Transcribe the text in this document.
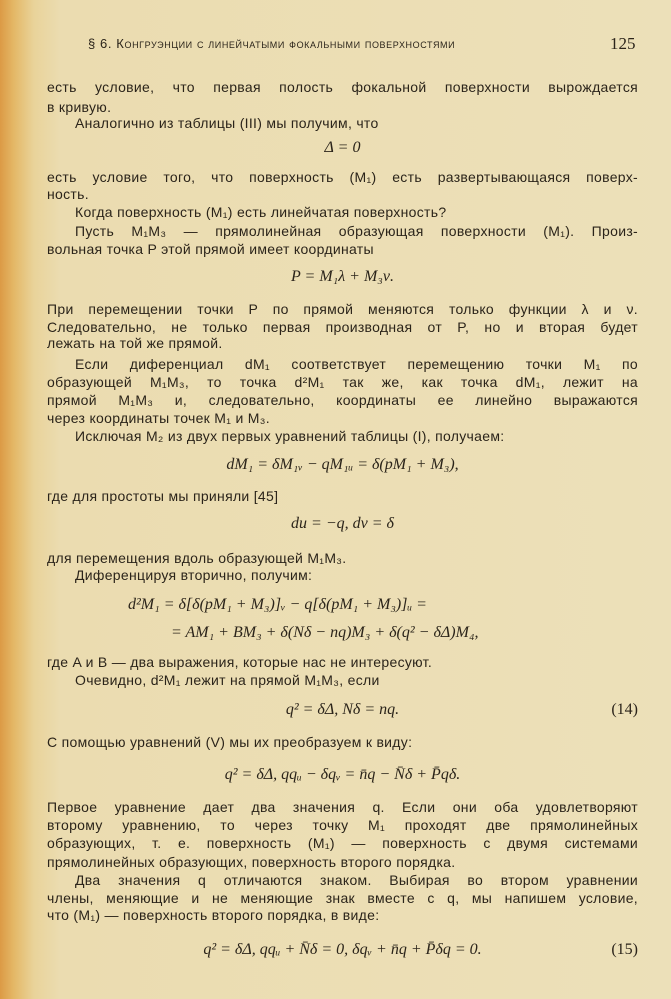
§ 6. Конгруэнции с линейчатыми фокальными поверхностями	125
есть условие, что первая полость фокальной поверхности вырождается
в кривую.
Аналогично из таблицы (III) мы получим, что
Δ = 0
есть условие того, что поверхность (M₁) есть развертывающаяся поверх-
ность.
Когда поверхность (M₁) есть линейчатая поверхность?
Пусть M₁M₃ — прямолинейная образующая поверхности (M₁). Произ-
вольная точка P этой прямой имеет координаты
P = M₁λ + M₃ν.
При перемещении точки P по прямой меняются только функции λ и ν.
Следовательно, не только первая производная от P, но и вторая будет
лежать на той же прямой.
Если диференциал dM₁ соответствует перемещению точки M₁ по
образующей M₁M₃, то точка d²M₁ так же, как точка dM₁, лежит на
прямой M₁M₃ и, следовательно, координаты ее линейно выражаются
через координаты точек M₁ и M₃.
Исключая M₂ из двух первых уравнений таблицы (I), получаем:
dM₁ = δM₁ᵥ − qM₁ᵤ = δ(pM₁ + M₃),
где для простоты мы приняли [45]
du = −q, dv = δ
для перемещения вдоль образующей M₁M₃.
Диференцируя вторично, получим:
d²M₁ = δ[δ(pM₁ + M₃)]ᵥ − q[δ(pM₁ + M₃)]ᵤ =
= AM₁ + BM₃ + δ(Nδ − nq)M₃ + δ(q² − δΔ)M₄,
где A и B — два выражения, которые нас не интересуют.
Очевидно, d²M₁ лежит на прямой M₁M₃, если
q² = δΔ, Nδ = nq.	(14)
С помощью уравнений (V) мы их преобразуем к виду:
q² = δΔ, qqᵤ − δqᵥ = n̄q − N̄δ + P̄qδ.
Первое уравнение дает два значения q. Если они оба удовлетворяют
второму уравнению, то через точку M₁ проходят две прямолинейных
образующих, т. е. поверхность (M₁) — поверхность с двумя системами
прямолинейных образующих, поверхность второго порядка.
Два значения q отличаются знаком. Выбирая во втором уравнении
члены, меняющие и не меняющие знак вместе с q, мы напишем условие,
что (M₁) — поверхность второго порядка, в виде:
q² = δΔ, qqᵤ + N̄δ = 0, δqᵥ + n̄q + P̄δq = 0.	(15)
